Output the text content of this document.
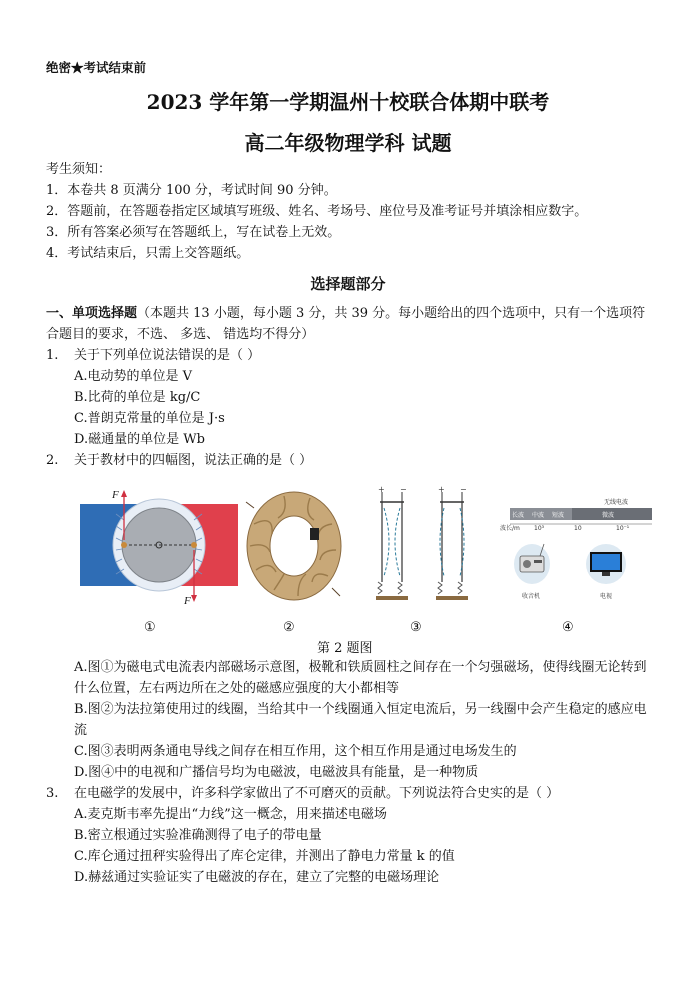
绝密★考试结束前
2023 学年第一学期温州十校联合体期中联考
高二年级物理学科 试题
考生须知：
1．本卷共 8 页满分 100 分，考试时间 90 分钟。
2．答题前，在答题卷指定区域填写班级、姓名、考场号、座位号及准考证号并填涂相应数字。
3．所有答案必须写在答题纸上，写在试卷上无效。
4．考试结束后，只需上交答题纸。
选择题部分
一、单项选择题（本题共 13 小题，每小题 3 分，共 39 分。每小题给出的四个选项中，只有一个选项符合题目的要求，不选、 多选、 错选均不得分）
1. 关于下列单位说法错误的是（ ）
A.电动势的单位是 V
B.比荷的单位是 kg/C
C.普朗克常量的单位是 J·s
D.磁通量的单位是 Wb
2. 关于教材中的四幅图，说法正确的是（ ）
F
F
+ −	+ −
无线电波
长波 中波 短波	微波
波长/m 10³	10	10⁻¹
收音机	电视
①	②	③	④
第 2 题图
A.图①为磁电式电流表内部磁场示意图，极靴和铁质圆柱之间存在一个匀强磁场，使得线圈无论转到什么位置，左右两边所在之处的磁感应强度的大小都相等
B.图②为法拉第使用过的线圈，当给其中一个线圈通入恒定电流后，另一线圈中会产生稳定的感应电流
C.图③表明两条通电导线之间存在相互作用，这个相互作用是通过电场发生的
D.图④中的电视和广播信号均为电磁波，电磁波具有能量，是一种物质
3. 在电磁学的发展中，许多科学家做出了不可磨灭的贡献。下列说法符合史实的是（ ）
A.麦克斯韦率先提出“力线”这一概念，用来描述电磁场
B.密立根通过实验准确测得了电子的带电量
C.库仑通过扭秤实验得出了库仑定律，并测出了静电力常量 k 的值
D.赫兹通过实验证实了电磁波的存在，建立了完整的电磁场理论
